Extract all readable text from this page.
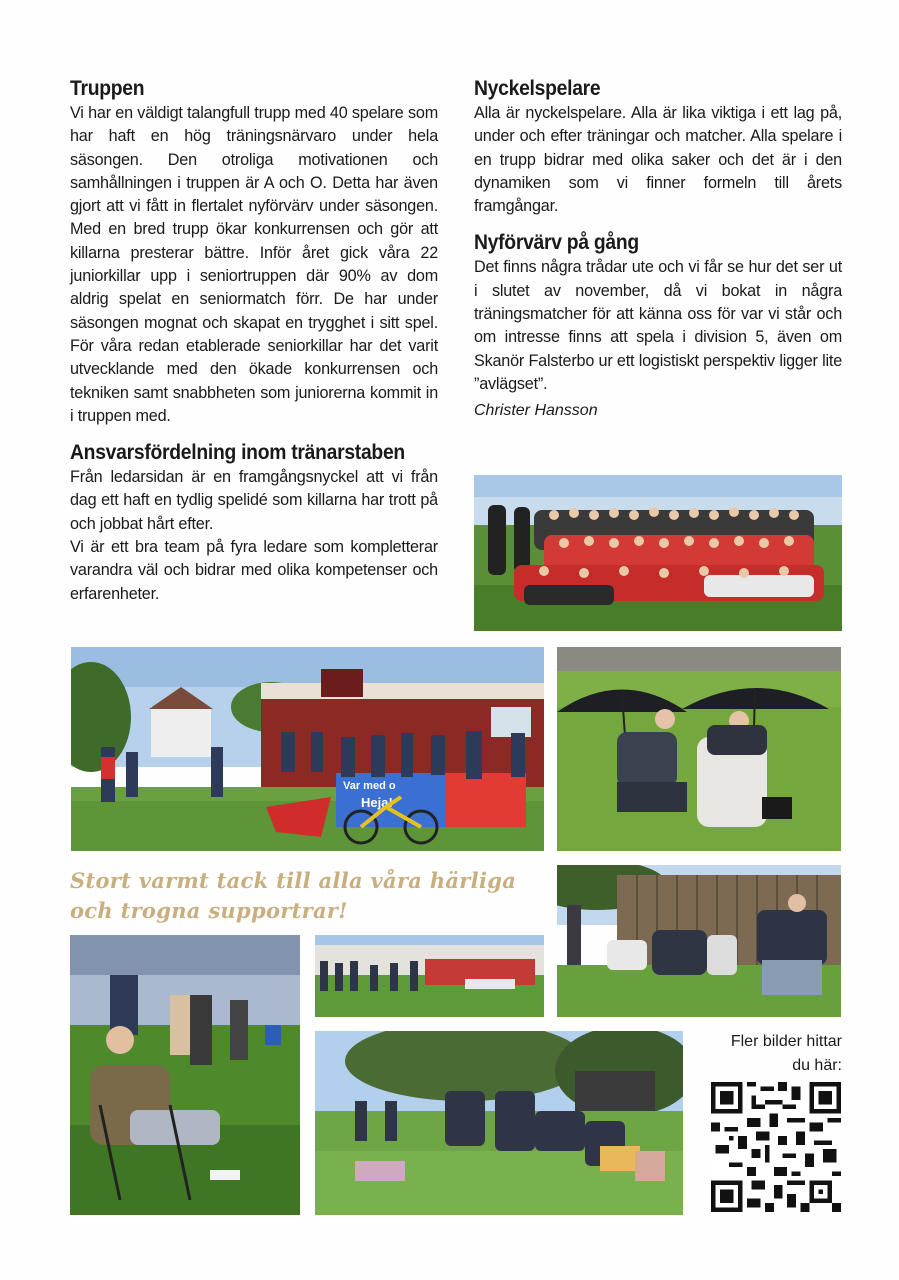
Truppen

Vi har en väldigt talangfull trupp med 40 spelare som har haft en hög träningsnärvaro under hela säsongen. Den otroliga motivationen och samhållningen i truppen är A och O. Detta har även gjort att vi fått in flertalet nyförvärv under säsongen. Med en bred trupp ökar konkurrensen och gör att killarna presterar bättre. Inför året gick våra 22 juniorkillar upp i seniortruppen där 90% av dom aldrig spelat en seniormatch förr. De har under säsongen mognat och skapat en trygghet i sitt spel. För våra redan etablerade seniorkillar har det varit utvecklande med den ökade konkurrensen och tekniken samt snabbheten som juniorerna kommit in i truppen med.

Ansvarsfördelning inom tränarstaben

Från ledarsidan är en framgångsnyckel att vi från dag ett haft en tydlig spelidé som killarna har trott på och jobbat hårt efter.

Vi är ett bra team på fyra ledare som kompletterar varandra väl och bidrar med olika kompetenser och erfarenheter.

Nyckelspelare

Alla är nyckelspelare. Alla är lika viktiga i ett lag på, under och efter träningar och matcher. Alla spelare i en trupp bidrar med olika saker och det är i den dynamiken som vi finner formeln till årets framgångar.

Nyförvärv på gång

Det finns några trådar ute och vi får se hur det ser ut i slutet av november, då vi bokat in några träningsmatcher för att känna oss för var vi står och om intresse finns att spela i division 5, även om Skanör Falsterbo ur ett logistiskt perspektiv ligger lite ”avlägset”.

Christer Hansson

Var med o
Heja!
Stort varmt tack till alla våra härliga och trogna supportrar!
Fler bilder hittar
du här:
